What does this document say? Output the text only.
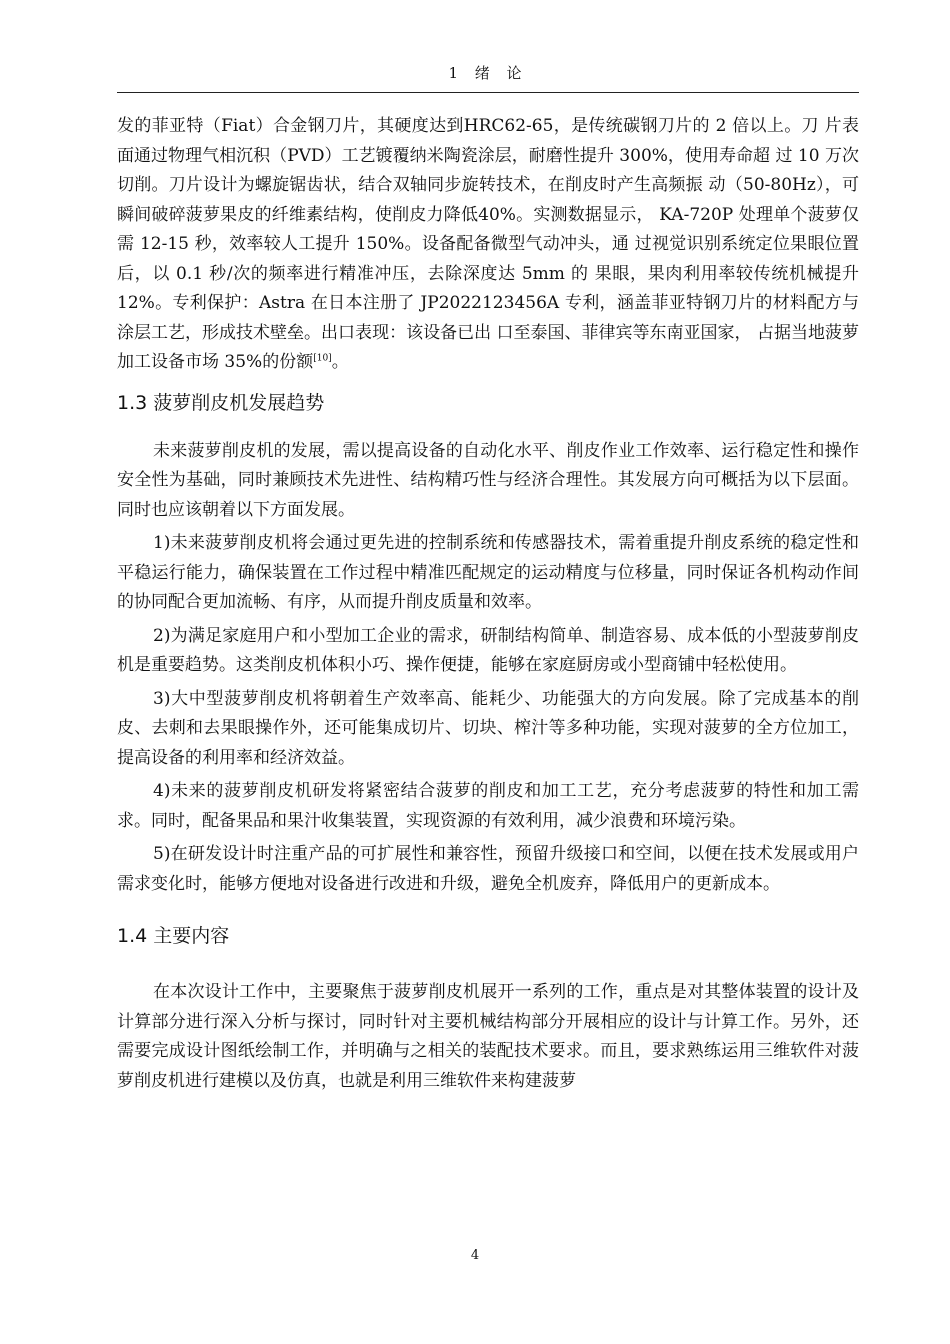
1 绪 论

发的菲亚特（Fiat）合金钢刀片，其硬度达到HRC62-65，是传统碳钢刀片的 2 倍以上。刀 片表面通过物理气相沉积（PVD）工艺镀覆纳米陶瓷涂层，耐磨性提升 300%，使用寿命超 过 10 万次切削。刀片设计为螺旋锯齿状，结合双轴同步旋转技术，在削皮时产生高频振 动（50-80Hz），可瞬间破碎菠萝果皮的纤维素结构，使削皮力降低40%。实测数据显示， KA-720P 处理单个菠萝仅需 12-15 秒，效率较人工提升 150%。设备配备微型气动冲头，通 过视觉识别系统定位果眼位置后，以 0.1 秒/次的频率进行精准冲压，去除深度达 5mm 的 果眼，果肉利用率较传统机械提升 12%。专利保护：Astra 在日本注册了 JP2022123456A 专利，涵盖菲亚特钢刀片的材料配方与涂层工艺，形成技术壁垒。出口表现：该设备已出 口至泰国、菲律宾等东南亚国家， 占据当地菠萝加工设备市场 35%的份额[10]。

1.3 菠萝削皮机发展趋势

未来菠萝削皮机的发展，需以提高设备的自动化水平、削皮作业工作效率、运行稳定性和操作安全性为基础，同时兼顾技术先进性、结构精巧性与经济合理性。其发展方向可概括为以下层面。同时也应该朝着以下方面发展。

1)未来菠萝削皮机将会通过更先进的控制系统和传感器技术，需着重提升削皮系统的稳定性和平稳运行能力，确保装置在工作过程中精准匹配规定的运动精度与位移量，同时保证各机构动作间的协同配合更加流畅、有序，从而提升削皮质量和效率。

2)为满足家庭用户和小型加工企业的需求，研制结构简单、制造容易、成本低的小型菠萝削皮机是重要趋势。这类削皮机体积小巧、操作便捷，能够在家庭厨房或小型商铺中轻松使用。

3)大中型菠萝削皮机将朝着生产效率高、能耗少、功能强大的方向发展。除了完成基本的削皮、去刺和去果眼操作外，还可能集成切片、切块、榨汁等多种功能，实现对菠萝的全方位加工，提高设备的利用率和经济效益。

4)未来的菠萝削皮机研发将紧密结合菠萝的削皮和加工工艺，充分考虑菠萝的特性和加工需求。同时，配备果品和果汁收集装置，实现资源的有效利用，减少浪费和环境污染。

5)在研发设计时注重产品的可扩展性和兼容性，预留升级接口和空间，以便在技术发展或用户需求变化时，能够方便地对设备进行改进和升级，避免全机废弃，降低用户的更新成本。

1.4 主要内容

在本次设计工作中，主要聚焦于菠萝削皮机展开一系列的工作，重点是对其整体装置的设计及计算部分进行深入分析与探讨，同时针对主要机械结构部分开展相应的设计与计算工作。另外，还需要完成设计图纸绘制工作，并明确与之相关的装配技术要求。而且，要求熟练运用三维软件对菠萝削皮机进行建模以及仿真，也就是利用三维软件来构建菠萝

4
